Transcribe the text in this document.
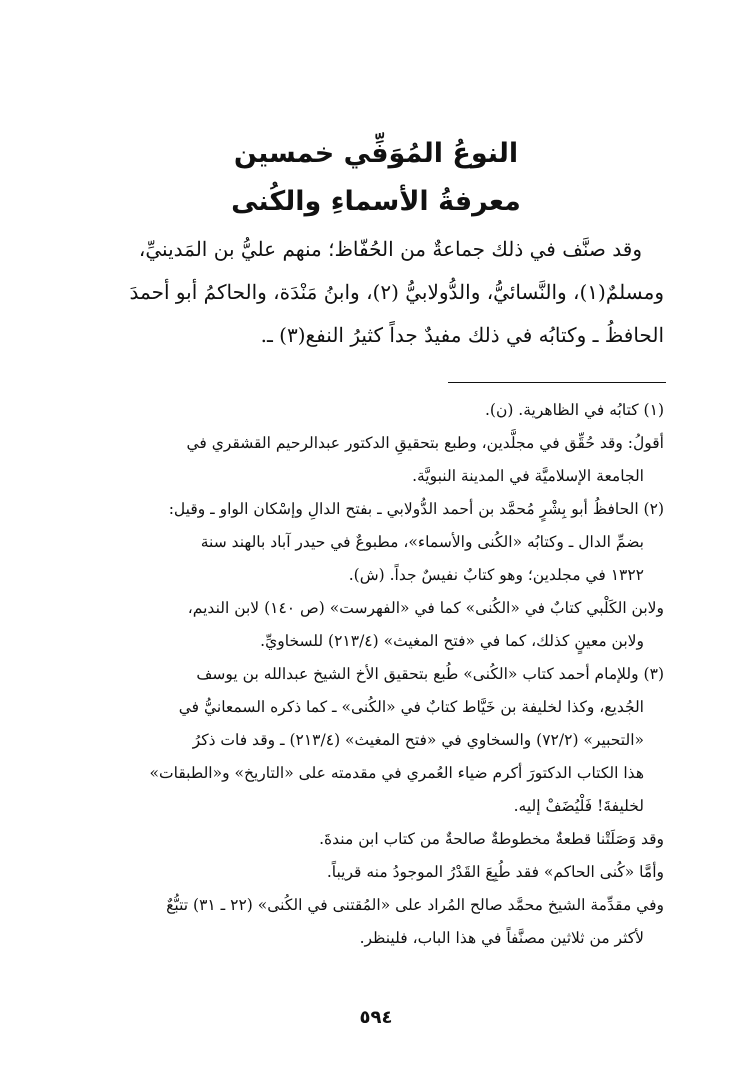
النوعُ المُوَفِّي خمسين
معرفةُ الأسماءِ والكُنى
وقد صنَّف في ذلك جماعةٌ من الحُفّاظ؛ منهم عليُّ بن المَدينيِّ،
ومسلمٌ(١)، والنَّسائيُّ، والدُّولابيُّ (٢)، وابنُ مَنْدَة، والحاكمُ أبو أحمدَ
الحافظُ ـ وكتابُه في ذلك مفيدٌ جداً كثيرُ النفع(٣) ـ.
(١) كتابُه في الظاهرية. (ن).
أقولُ: وقد حُقِّق في مجلَّدين، وطبع بتحقيقِ الدكتور عبدالرحيم القشقري في
الجامعة الإسلاميَّة في المدينة النبويَّة.
(٢) الحافظُ أبو بِشْرٍ مُحمَّد بن أحمد الدُّولابي ـ بفتح الدالِ وإسْكان الواو ـ وقيل:
بضمِّ الدال ـ وكتابُه «الكُنى والأسماء»، مطبوعٌ في حيدر آباد بالهند سنة
١٣٢٢ في مجلدين؛ وهو كتابٌ نفيسٌ جداً. (ش).
ولابن الكَلْبي كتابٌ في «الكُنى» كما في «الفهرست» (ص ١٤٠) لابن النديم،
ولابن معينٍ كذلك، كما في «فتح المغيث» (٢١٣/٤) للسخاويِّ.
(٣) وللإمام أحمد كتاب «الكُنى» طُبع بتحقيق الأخ الشيخ عبدالله بن يوسف
الجُديع، وكذا لخليفة بن خَيَّاط كتابٌ في «الكُنى» ـ كما ذكره السمعانيُّ في
«التحبير» (٧٢/٢) والسخاوي في «فتح المغيث» (٢١٣/٤) ـ وقد فات ذكرُ
هذا الكتاب الدكتورَ أكرم ضياء العُمري في مقدمته على «التاريخ» و«الطبقات»
لخليفةَ! فَلْيُضَفْ إليه.
وقد وَصَلَتْنا قطعةٌ مخطوطةٌ صالحةٌ من كتاب ابن مندةَ.
وأمَّا «كُنى الحاكم» فقد طُبِعَ القَدْرُ الموجودُ منه قريباً.
وفي مقدِّمة الشيخ محمَّد صالح المُراد على «المُقتنى في الكُنى» (٢٢ ـ ٣١) تتبُّعٌ
لأكثر من ثلاثين مصنَّفاً في هذا الباب، فلينظر.
٥٩٤
